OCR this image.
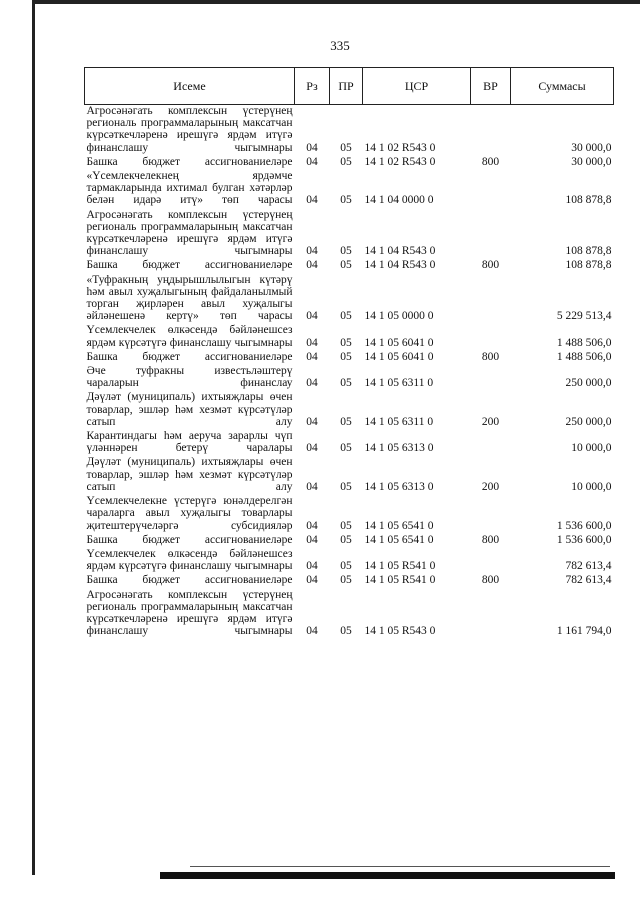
335
Исеме	Рз	ПР	ЦСР	ВР	Суммасы
Агросәнәгать комплексын үстерүнең региональ программаларының максатчан күрсәткечләренә ирешүгә ярдәм итүгә финанслашу чыгымнары	04	05	14 1 02 R543 0		30 000,0
Башка бюджет ассигнованиеләре	04	05	14 1 02 R543 0	800	30 000,0
«Үсемлекчелекнең ярдәмче тармакларында ихтимал булган хәтәрләр белән идарә итү» төп чарасы	04	05	14 1 04 0000 0		108 878,8
Агросәнәгать комплексын үстерүнең региональ программаларының максатчан күрсәткечләренә ирешүгә ярдәм итүгә финанслашу чыгымнары	04	05	14 1 04 R543 0		108 878,8
Башка бюджет ассигнованиеләре	04	05	14 1 04 R543 0	800	108 878,8
«Туфракның уңдырышлылыгын күтәрү һәм авыл хуҗалыгының файдаланылмый торган җирләрен авыл хуҗалыгы әйләнешенә кертү» төп чарасы	04	05	14 1 05 0000 0		5 229 513,4
Үсемлекчелек өлкәсендә бәйләнешсез ярдәм күрсәтүгә финанслашу чыгымнары	04	05	14 1 05 6041 0		1 488 506,0
Башка бюджет ассигнованиеләре	04	05	14 1 05 6041 0	800	1 488 506,0
Әче туфракны известьләштерү чараларын финанслау	04	05	14 1 05 6311 0		250 000,0
Дәүләт (муниципаль) ихтыяҗлары өчен товарлар, эшләр һәм хезмәт күрсәтүләр сатып алу	04	05	14 1 05 6311 0	200	250 000,0
Карантиндагы һәм аеруча зарарлы чүп үләннәрен бетерү чаралары	04	05	14 1 05 6313 0		10 000,0
Дәүләт (муниципаль) ихтыяҗлары өчен товарлар, эшләр һәм хезмәт күрсәтүләр сатып алу	04	05	14 1 05 6313 0	200	10 000,0
Үсемлекчелекне үстерүгә юнәлдерелгән чараларга авыл хуҗалыгы товарлары җитештерүчеләргә субсидияләр	04	05	14 1 05 6541 0		1 536 600,0
Башка бюджет ассигнованиеләре	04	05	14 1 05 6541 0	800	1 536 600,0
Үсемлекчелек өлкәсендә бәйләнешсез ярдәм күрсәтүгә финанслашу чыгымнары	04	05	14 1 05 R541 0		782 613,4
Башка бюджет ассигнованиеләре	04	05	14 1 05 R541 0	800	782 613,4
Агросәнәгать комплексын үстерүнең региональ программаларының максатчан күрсәткечләренә ирешүгә ярдәм итүгә финанслашу чыгымнары	04	05	14 1 05 R543 0		1 161 794,0
